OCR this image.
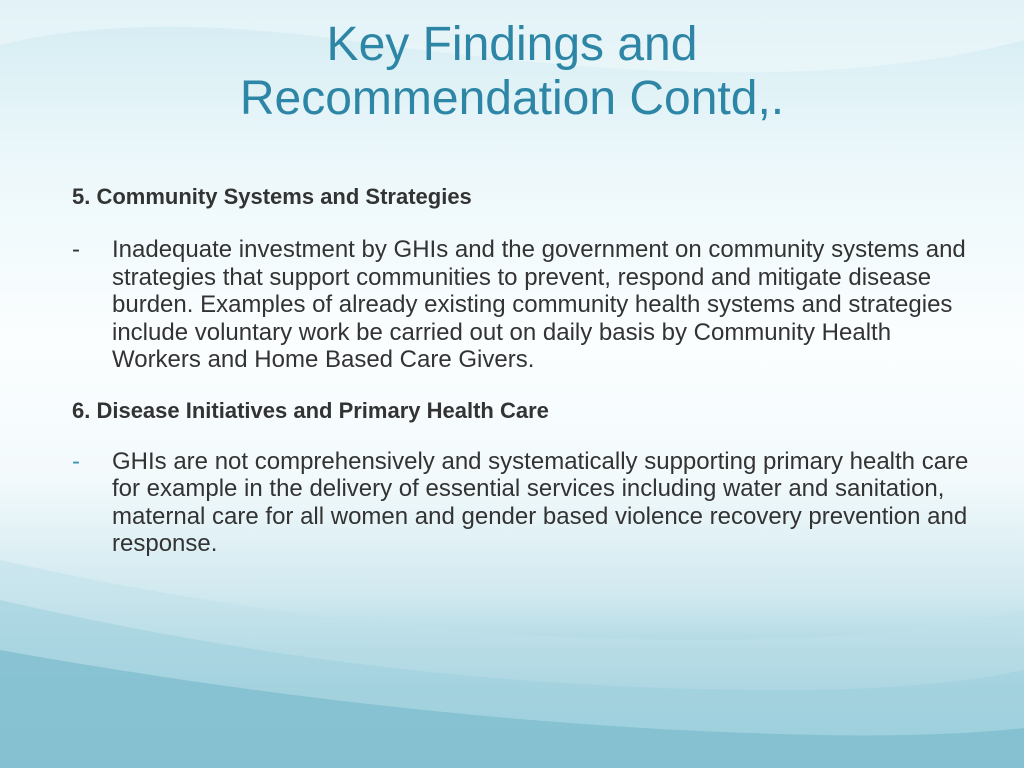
Key Findings and
Recommendation Contd,.

5. Community Systems and Strategies

- Inadequate investment by GHIs and the government on community systems and strategies that support communities to prevent, respond and mitigate disease burden. Examples of already existing community health systems and strategies include voluntary work be carried out on daily basis by Community Health Workers and Home Based Care Givers.

6. Disease Initiatives and Primary Health Care

- GHIs are not comprehensively and systematically supporting primary health care for example in the delivery of essential services including water and sanitation, maternal care for all women and gender based violence recovery prevention and response.
